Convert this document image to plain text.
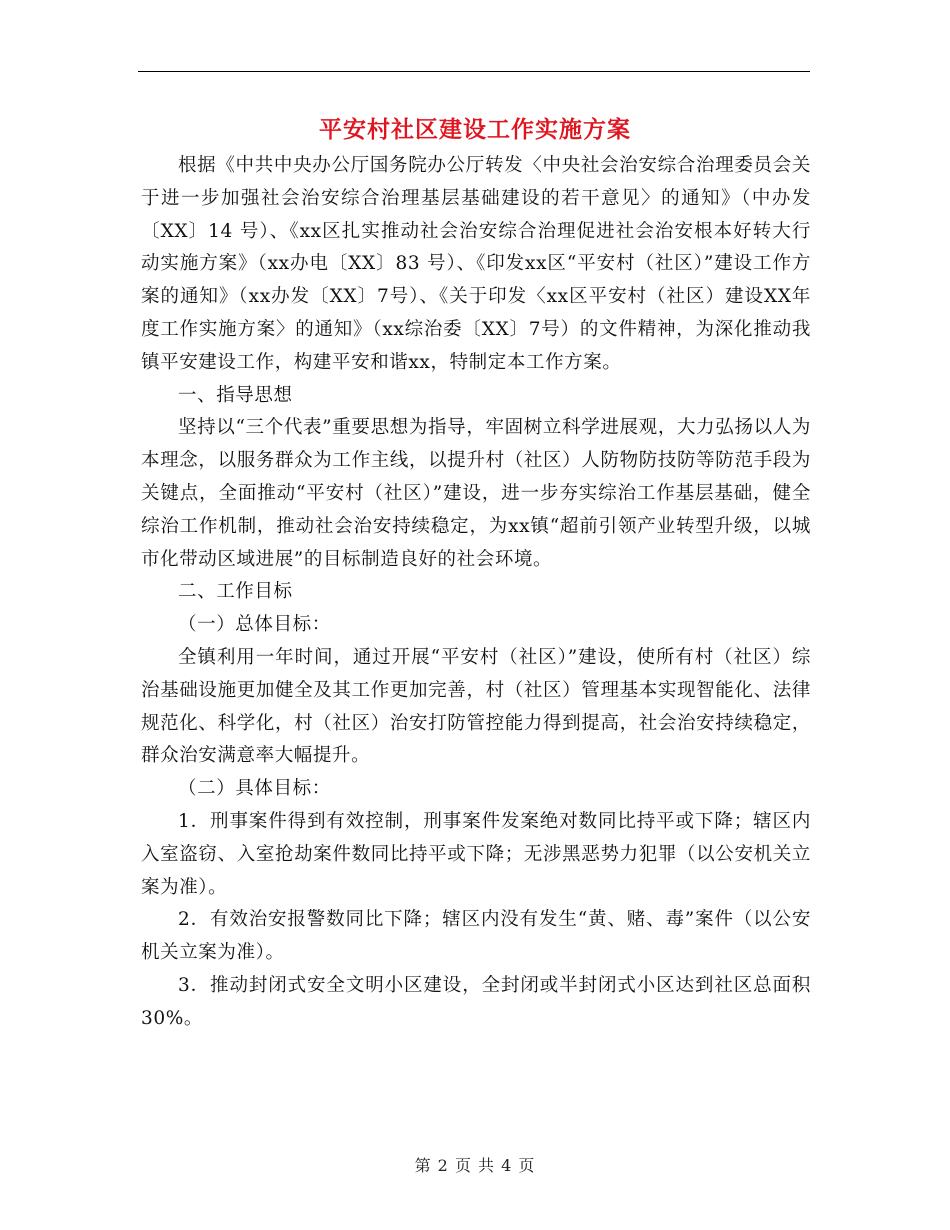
平安村社区建设工作实施方案

根据《中共中央办公厅国务院办公厅转发〈中央社会治安综合治理委员会关于进一步加强社会治安综合治理基层基础建设的若干意见〉的通知》（中办发〔XX〕14 号）、《xx区扎实推动社会治安综合治理促进社会治安根本好转大行动实施方案》（xx办电〔XX〕83 号）、《印发xx区“平安村（社区）”建设工作方案的通知》（xx办发〔XX〕7号）、《关于印发〈xx区平安村（社区）建设XX年度工作实施方案〉的通知》（xx综治委〔XX〕7号）的文件精神，为深化推动我镇平安建设工作，构建平安和谐xx，特制定本工作方案。

一、指导思想

坚持以“三个代表”重要思想为指导，牢固树立科学进展观，大力弘扬以人为本理念，以服务群众为工作主线，以提升村（社区）人防物防技防等防范手段为关键点，全面推动“平安村（社区）”建设，进一步夯实综治工作基层基础，健全综治工作机制，推动社会治安持续稳定，为xx镇“超前引领产业转型升级，以城市化带动区域进展”的目标制造良好的社会环境。

二、工作目标

（一）总体目标：

全镇利用一年时间，通过开展“平安村（社区）”建设，使所有村（社区）综治基础设施更加健全及其工作更加完善，村（社区）管理基本实现智能化、法律规范化、科学化，村（社区）治安打防管控能力得到提高，社会治安持续稳定，群众治安满意率大幅提升。

（二）具体目标：

1．刑事案件得到有效控制，刑事案件发案绝对数同比持平或下降；辖区内入室盗窃、入室抢劫案件数同比持平或下降；无涉黑恶势力犯罪（以公安机关立案为准）。

2．有效治安报警数同比下降；辖区内没有发生“黄、赌、毒”案件（以公安机关立案为准）。

3．推动封闭式安全文明小区建设，全封闭或半封闭式小区达到社区总面积30%。

第 2 页 共 4 页
